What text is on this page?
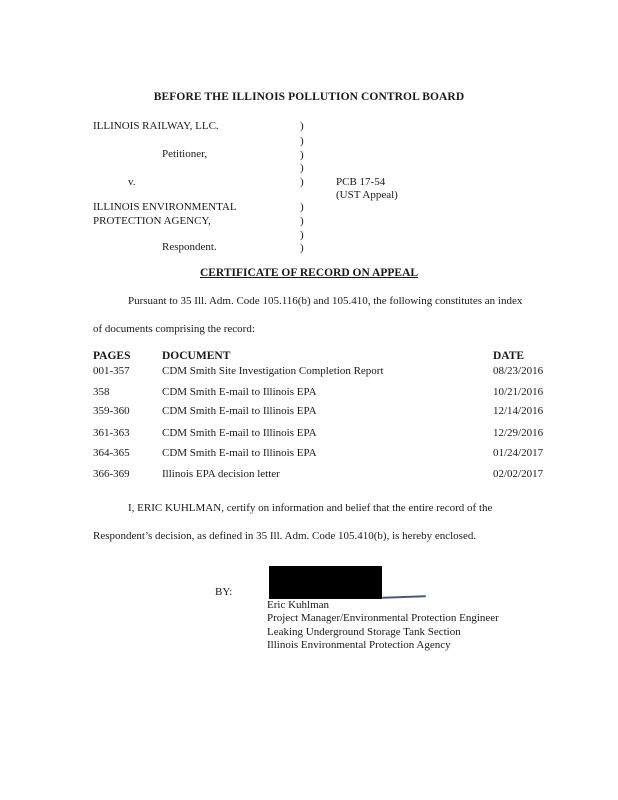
BEFORE THE ILLINOIS POLLUTION CONTROL BOARD
ILLINOIS RAILWAY, LLC.
Petitioner,
v.
ILLINOIS ENVIRONMENTAL
PROTECTION AGENCY,
Respondent.
)
)
)
)
)
)
)
)
)
PCB 17-54
(UST Appeal)
CERTIFICATE OF RECORD ON APPEAL
Pursuant to 35 Ill. Adm. Code 105.116(b) and 105.410, the following constitutes an index
of documents comprising the record:
PAGES	DOCUMENT	DATE
001-357	CDM Smith Site Investigation Completion Report	08/23/2016
358	CDM Smith E-mail to Illinois EPA	10/21/2016
359-360	CDM Smith E-mail to Illinois EPA	12/14/2016
361-363	CDM Smith E-mail to Illinois EPA	12/29/2016
364-365	CDM Smith E-mail to Illinois EPA	01/24/2017
366-369	Illinois EPA decision letter	02/02/2017
I, ERIC KUHLMAN, certify on information and belief that the entire record of the
Respondent’s decision, as defined in 35 Ill. Adm. Code 105.410(b), is hereby enclosed.
BY:
Eric Kuhlman
Project Manager/Environmental Protection Engineer
Leaking Underground Storage Tank Section
Illinois Environmental Protection Agency
